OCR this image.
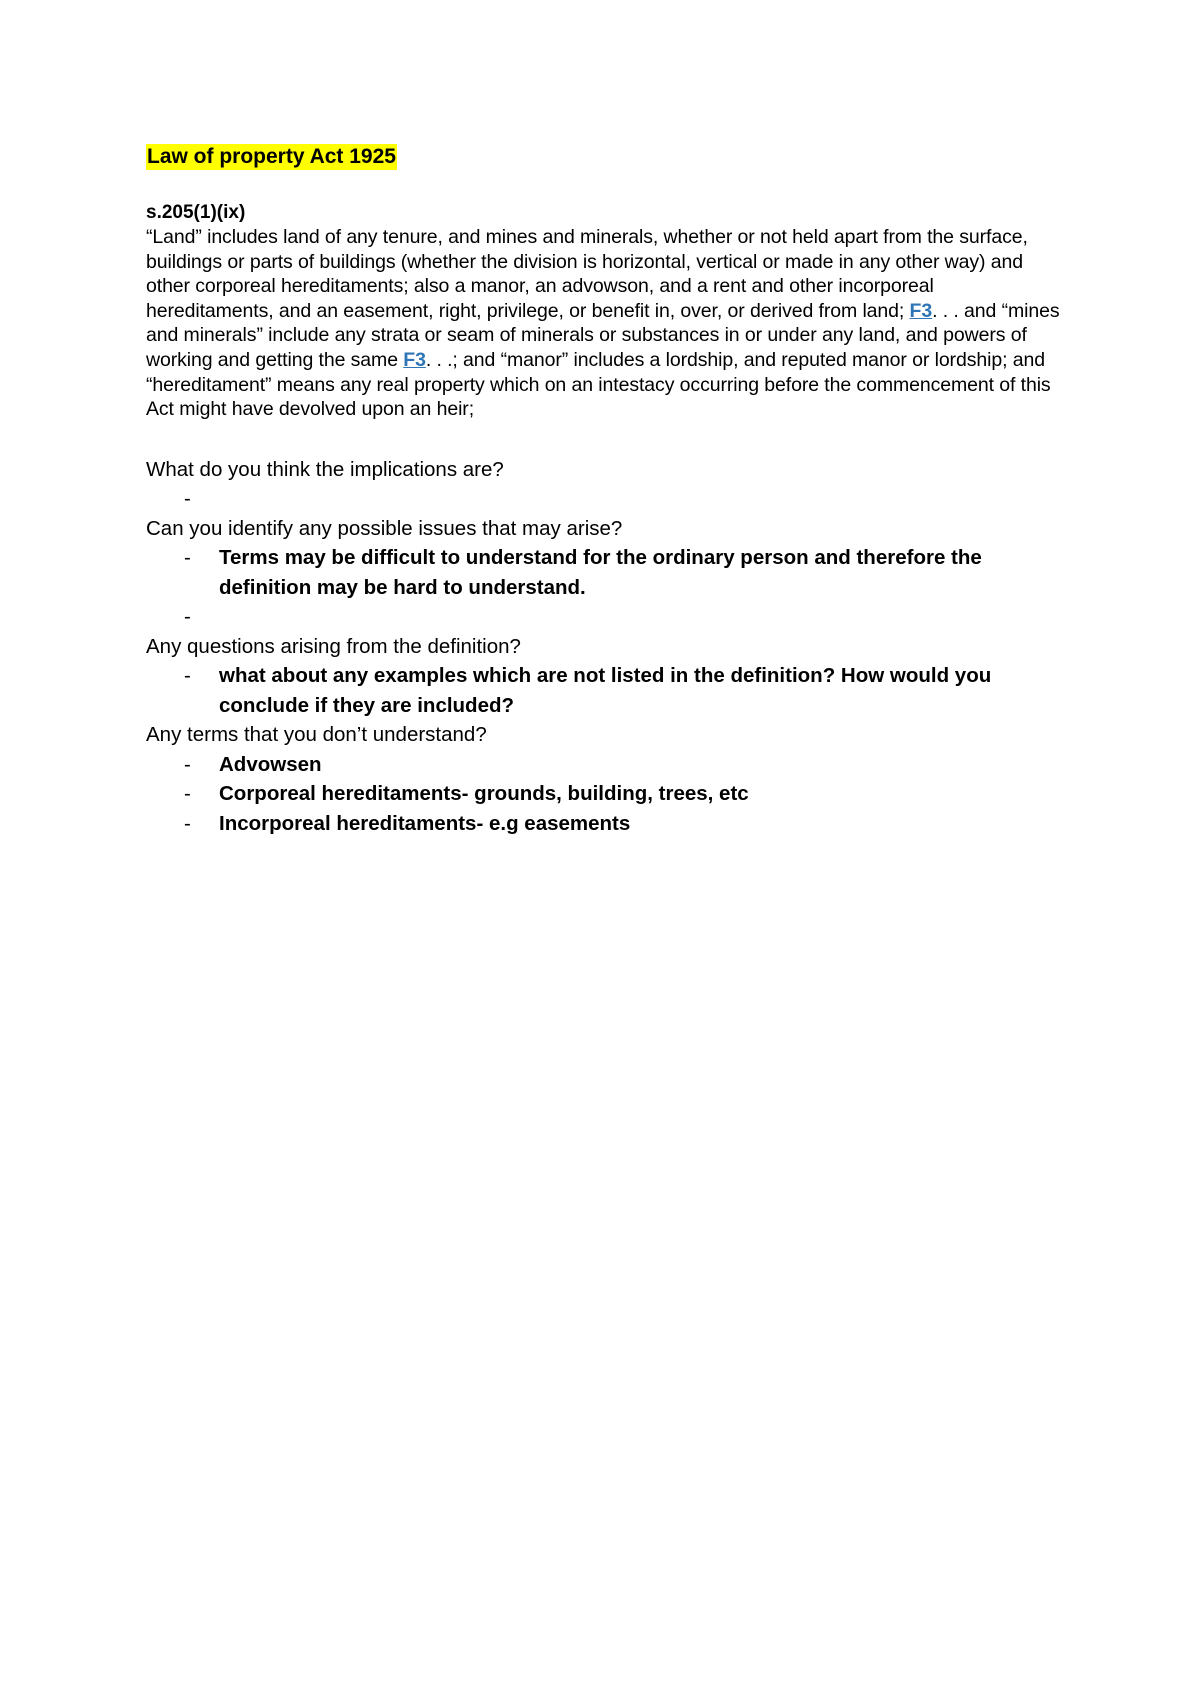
Law of property Act 1925
s.205(1)(ix)
“Land” includes land of any tenure, and mines and minerals, whether or not held apart from the surface, buildings or parts of buildings (whether the division is horizontal, vertical or made in any other way) and other corporeal hereditaments; also a manor, an advowson, and a rent and other incorporeal hereditaments, and an easement, right, privilege, or benefit in, over, or derived from land; F3. . . and “mines and minerals” include any strata or seam of minerals or substances in or under any land, and powers of working and getting the same F3. . .; and “manor” includes a lordship, and reputed manor or lordship; and “hereditament” means any real property which on an intestacy occurring before the commencement of this Act might have devolved upon an heir;
What do you think the implications are?
-
Can you identify any possible issues that may arise?
- Terms may be difficult to understand for the ordinary person and therefore the definition may be hard to understand.
-
Any questions arising from the definition?
- what about any examples which are not listed in the definition? How would you conclude if they are included?
Any terms that you don’t understand?
- Advowsen
- Corporeal hereditaments- grounds, building, trees, etc
- Incorporeal hereditaments- e.g easements
